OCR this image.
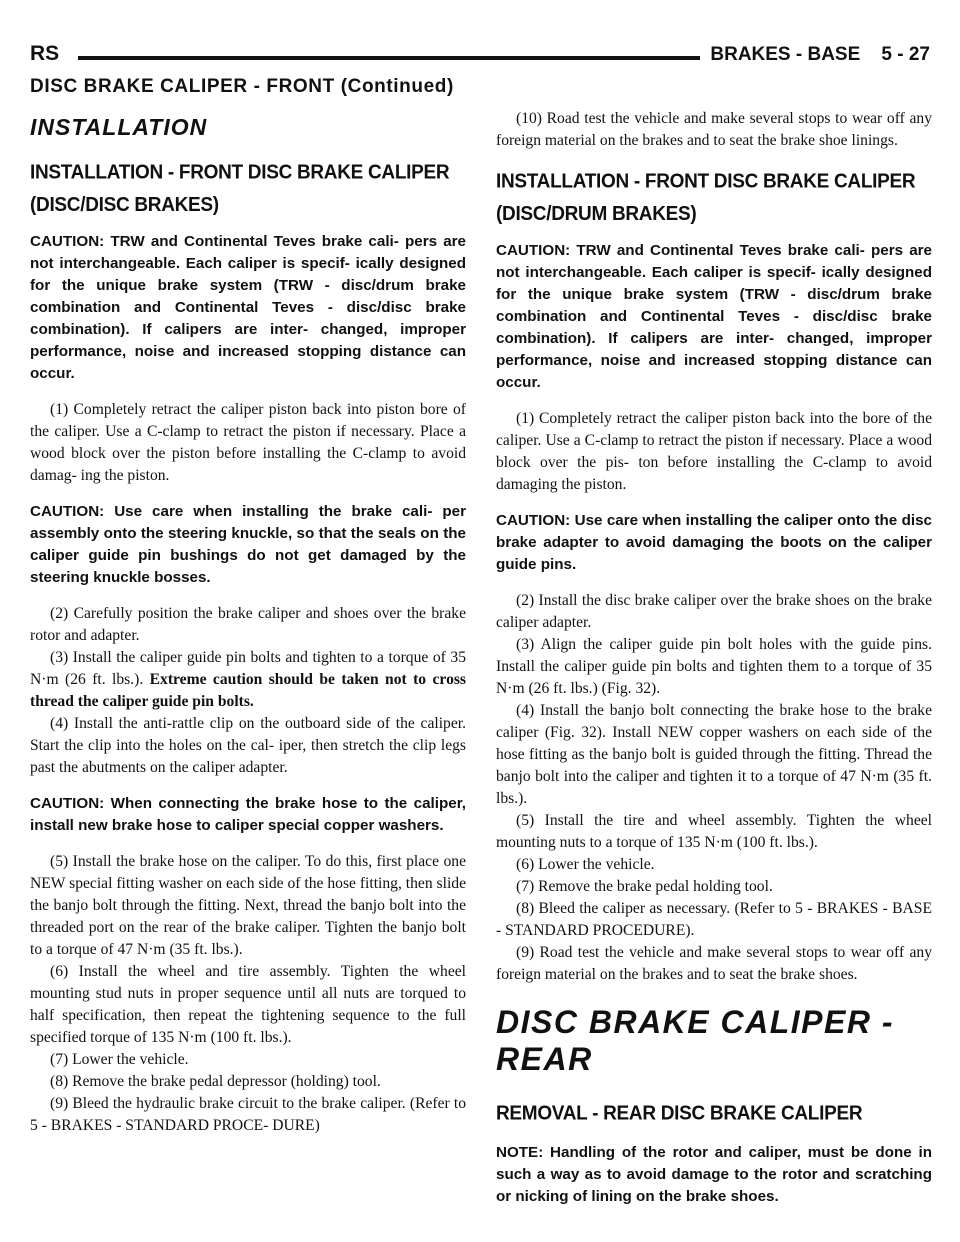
RS	BRAKES - BASE 5 - 27
DISC BRAKE CALIPER - FRONT (Continued)
INSTALLATION
INSTALLATION - FRONT DISC BRAKE CALIPER (DISC/DISC BRAKES)

CAUTION: TRW and Continental Teves brake cali- pers are not interchangeable. Each caliper is specif- ically designed for the unique brake system (TRW - disc/drum brake combination and Continental Teves - disc/disc brake combination). If calipers are inter- changed, improper performance, noise and increased stopping distance can occur.

(1) Completely retract the caliper piston back into piston bore of the caliper. Use a C-clamp to retract the piston if necessary. Place a wood block over the piston before installing the C-clamp to avoid damag- ing the piston.

CAUTION: Use care when installing the brake cali- per assembly onto the steering knuckle, so that the seals on the caliper guide pin bushings do not get damaged by the steering knuckle bosses.

(2) Carefully position the brake caliper and shoes over the brake rotor and adapter.

(3) Install the caliper guide pin bolts and tighten to a torque of 35 N·m (26 ft. lbs.). Extreme caution should be taken not to cross thread the caliper guide pin bolts.

(4) Install the anti-rattle clip on the outboard side of the caliper. Start the clip into the holes on the cal- iper, then stretch the clip legs past the abutments on the caliper adapter.

CAUTION: When connecting the brake hose to the caliper, install new brake hose to caliper special copper washers.

(5) Install the brake hose on the caliper. To do this, first place one NEW special fitting washer on each side of the hose fitting, then slide the banjo bolt through the fitting. Next, thread the banjo bolt into the threaded port on the rear of the brake caliper. Tighten the banjo bolt to a torque of 47 N·m (35 ft. lbs.).

(6) Install the wheel and tire assembly. Tighten the wheel mounting stud nuts in proper sequence until all nuts are torqued to half specification, then repeat the tightening sequence to the full specified torque of 135 N·m (100 ft. lbs.).

(7) Lower the vehicle.

(8) Remove the brake pedal depressor (holding) tool.

(9) Bleed the hydraulic brake circuit to the brake caliper. (Refer to 5 - BRAKES - STANDARD PROCE- DURE)

(10) Road test the vehicle and make several stops to wear off any foreign material on the brakes and to seat the brake shoe linings.

INSTALLATION - FRONT DISC BRAKE CALIPER (DISC/DRUM BRAKES)

CAUTION: TRW and Continental Teves brake cali- pers are not interchangeable. Each caliper is specif- ically designed for the unique brake system (TRW - disc/drum brake combination and Continental Teves - disc/disc brake combination). If calipers are inter- changed, improper performance, noise and increased stopping distance can occur.

(1) Completely retract the caliper piston back into the bore of the caliper. Use a C-clamp to retract the piston if necessary. Place a wood block over the pis- ton before installing the C-clamp to avoid damaging the piston.

CAUTION: Use care when installing the caliper onto the disc brake adapter to avoid damaging the boots on the caliper guide pins.

(2) Install the disc brake caliper over the brake shoes on the brake caliper adapter.

(3) Align the caliper guide pin bolt holes with the guide pins. Install the caliper guide pin bolts and tighten them to a torque of 35 N·m (26 ft. lbs.) (Fig. 32).

(4) Install the banjo bolt connecting the brake hose to the brake caliper (Fig. 32). Install NEW copper washers on each side of the hose fitting as the banjo bolt is guided through the fitting. Thread the banjo bolt into the caliper and tighten it to a torque of 47 N·m (35 ft. lbs.).

(5) Install the tire and wheel assembly. Tighten the wheel mounting nuts to a torque of 135 N·m (100 ft. lbs.).

(6) Lower the vehicle.

(7) Remove the brake pedal holding tool.

(8) Bleed the caliper as necessary. (Refer to 5 - BRAKES - BASE - STANDARD PROCEDURE).

(9) Road test the vehicle and make several stops to wear off any foreign material on the brakes and to seat the brake shoes.

DISC BRAKE CALIPER - REAR
REMOVAL - REAR DISC BRAKE CALIPER

NOTE: Handling of the rotor and caliper, must be done in such a way as to avoid damage to the rotor and scratching or nicking of lining on the brake shoes.
